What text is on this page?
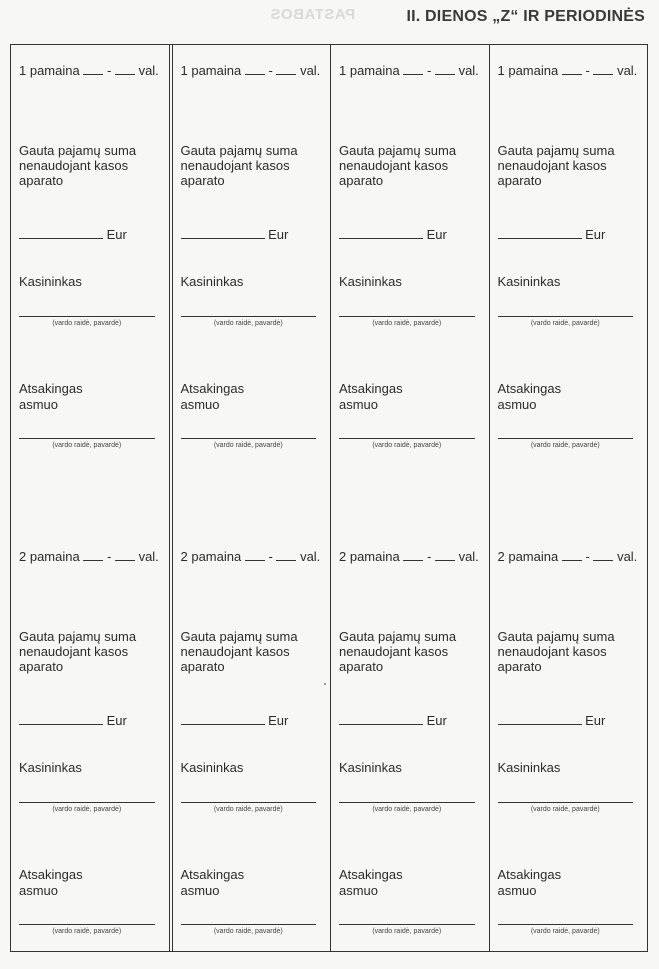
PASTABOS	II. DIENOS „Z“ IR PERIODINĖS
1 pamaina - val.
Gauta pajamų suma nenaudojant kasos aparato
Eur
Kasininkas
(vardo raidė, pavardė)
Atsakingas asmuo
(vardo raidė, pavardė)
2 pamaina - val.
Gauta pajamų suma nenaudojant kasos aparato
Eur
Kasininkas
(vardo raidė, pavardė)
Atsakingas asmuo
(vardo raidė, pavardė)
1 pamaina - val.
Gauta pajamų suma nenaudojant kasos aparato
Eur
Kasininkas
(vardo raidė, pavardė)
Atsakingas asmuo
(vardo raidė, pavardė)
2 pamaina - val.
Gauta pajamų suma nenaudojant kasos aparato
Eur
Kasininkas
(vardo raidė, pavardė)
Atsakingas asmuo
(vardo raidė, pavardė)
1 pamaina - val.
Gauta pajamų suma nenaudojant kasos aparato
Eur
Kasininkas
(vardo raidė, pavardė)
Atsakingas asmuo
(vardo raidė, pavardė)
2 pamaina - val.
Gauta pajamų suma nenaudojant kasos aparato
Eur
Kasininkas
(vardo raidė, pavardė)
Atsakingas asmuo
(vardo raidė, pavardė)
1 pamaina - val.
Gauta pajamų suma nenaudojant kasos aparato
Eur
Kasininkas
(vardo raidė, pavardė)
Atsakingas asmuo
(vardo raidė, pavardė)
2 pamaina - val.
Gauta pajamų suma nenaudojant kasos aparato
Eur
Kasininkas
(vardo raidė, pavardė)
Atsakingas asmuo
(vardo raidė, pavardė)
